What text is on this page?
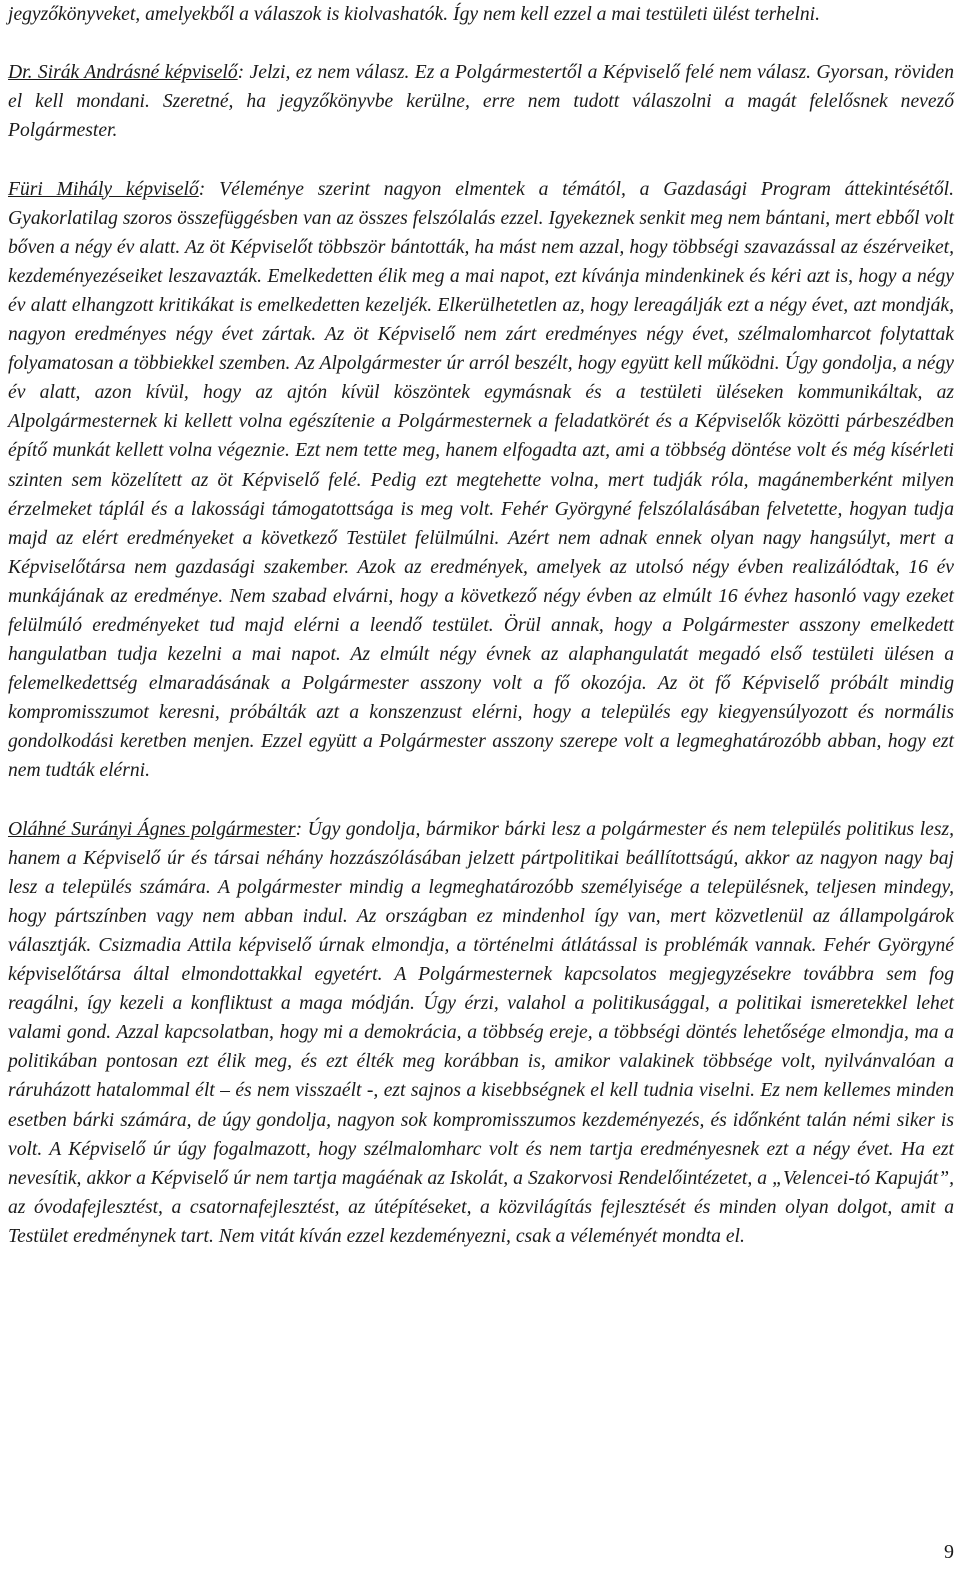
jegyzőkönyveket, amelyekből a válaszok is kiolvashatók. Így nem kell ezzel a mai testületi ülést terhelni.

Dr. Sirák Andrásné képviselő: Jelzi, ez nem válasz. Ez a Polgármestertől a Képviselő felé nem válasz. Gyorsan, röviden el kell mondani. Szeretné, ha jegyzőkönyvbe kerülne, erre nem tudott válaszolni a magát felelősnek nevező Polgármester.

Füri Mihály képviselő: Véleménye szerint nagyon elmentek a témától, a Gazdasági Program áttekintésétől. Gyakorlatilag szoros összefüggésben van az összes felszólalás ezzel. Igyekeznek senkit meg nem bántani, mert ebből volt bőven a négy év alatt. Az öt Képviselőt többször bántották, ha mást nem azzal, hogy többségi szavazással az észérveiket, kezdeményezéseiket leszavazták. Emelkedetten élik meg a mai napot, ezt kívánja mindenkinek és kéri azt is, hogy a négy év alatt elhangzott kritikákat is emelkedetten kezeljék. Elkerülhetetlen az, hogy lereagálják ezt a négy évet, azt mondják, nagyon eredményes négy évet zártak. Az öt Képviselő nem zárt eredményes négy évet, szélmalomharcot folytattak folyamatosan a többiekkel szemben. Az Alpolgármester úr arról beszélt, hogy együtt kell működni. Úgy gondolja, a négy év alatt, azon kívül, hogy az ajtón kívül köszöntek egymásnak és a testületi üléseken kommunikáltak, az Alpolgármesternek ki kellett volna egészítenie a Polgármesternek a feladatkörét és a Képviselők közötti párbeszédben építő munkát kellett volna végeznie. Ezt nem tette meg, hanem elfogadta azt, ami a többség döntése volt és még kísérleti szinten sem közelített az öt Képviselő felé. Pedig ezt megtehette volna, mert tudják róla, magánemberként milyen érzelmeket táplál és a lakossági támogatottsága is meg volt. Fehér Györgyné felszólalásában felvetette, hogyan tudja majd az elért eredményeket a következő Testület felülmúlni. Azért nem adnak ennek olyan nagy hangsúlyt, mert a Képviselőtársa nem gazdasági szakember. Azok az eredmények, amelyek az utolsó négy évben realizálódtak, 16 év munkájának az eredménye. Nem szabad elvárni, hogy a következő négy évben az elmúlt 16 évhez hasonló vagy ezeket felülmúló eredményeket tud majd elérni a leendő testület. Örül annak, hogy a Polgármester asszony emelkedett hangulatban tudja kezelni a mai napot. Az elmúlt négy évnek az alaphangulatát megadó első testületi ülésen a felemelkedettség elmaradásának a Polgármester asszony volt a fő okozója. Az öt fő Képviselő próbált mindig kompromisszumot keresni, próbálták azt a konszenzust elérni, hogy a település egy kiegyensúlyozott és normális gondolkodási keretben menjen. Ezzel együtt a Polgármester asszony szerepe volt a legmeghatározóbb abban, hogy ezt nem tudták elérni.

Oláhné Surányi Ágnes polgármester: Úgy gondolja, bármikor bárki lesz a polgármester és nem település politikus lesz, hanem a Képviselő úr és társai néhány hozzászólásában jelzett pártpolitikai beállítottságú, akkor az nagyon nagy baj lesz a település számára. A polgármester mindig a legmeghatározóbb személyisége a településnek, teljesen mindegy, hogy pártszínben vagy nem abban indul. Az országban ez mindenhol így van, mert közvetlenül az állampolgárok választják. Csizmadia Attila képviselő úrnak elmondja, a történelmi átlátással is problémák vannak. Fehér Györgyné képviselőtársa által elmondottakkal egyetért. A Polgármesternek kapcsolatos megjegyzésekre továbbra sem fog reagálni, így kezeli a konfliktust a maga módján. Úgy érzi, valahol a politikusággal, a politikai ismeretekkel lehet valami gond. Azzal kapcsolatban, hogy mi a demokrácia, a többség ereje, a többségi döntés lehetősége elmondja, ma a politikában pontosan ezt élik meg, és ezt élték meg korábban is, amikor valakinek többsége volt, nyilvánvalóan a ráruházott hatalommal élt – és nem visszaélt -, ezt sajnos a kisebbségnek el kell tudnia viselni. Ez nem kellemes minden esetben bárki számára, de úgy gondolja, nagyon sok kompromisszumos kezdeményezés, és időnként talán némi siker is volt. A Képviselő úr úgy fogalmazott, hogy szélmalomharc volt és nem tartja eredményesnek ezt a négy évet. Ha ezt nevesítik, akkor a Képviselő úr nem tartja magáénak az Iskolát, a Szakorvosi Rendelőintézetet, a „Velencei-tó Kapuját”, az óvodafejlesztést, a csatornafejlesztést, az útépítéseket, a közvilágítás fejlesztését és minden olyan dolgot, amit a Testület eredménynek tart. Nem vitát kíván ezzel kezdeményezni, csak a véleményét mondta el.

9
